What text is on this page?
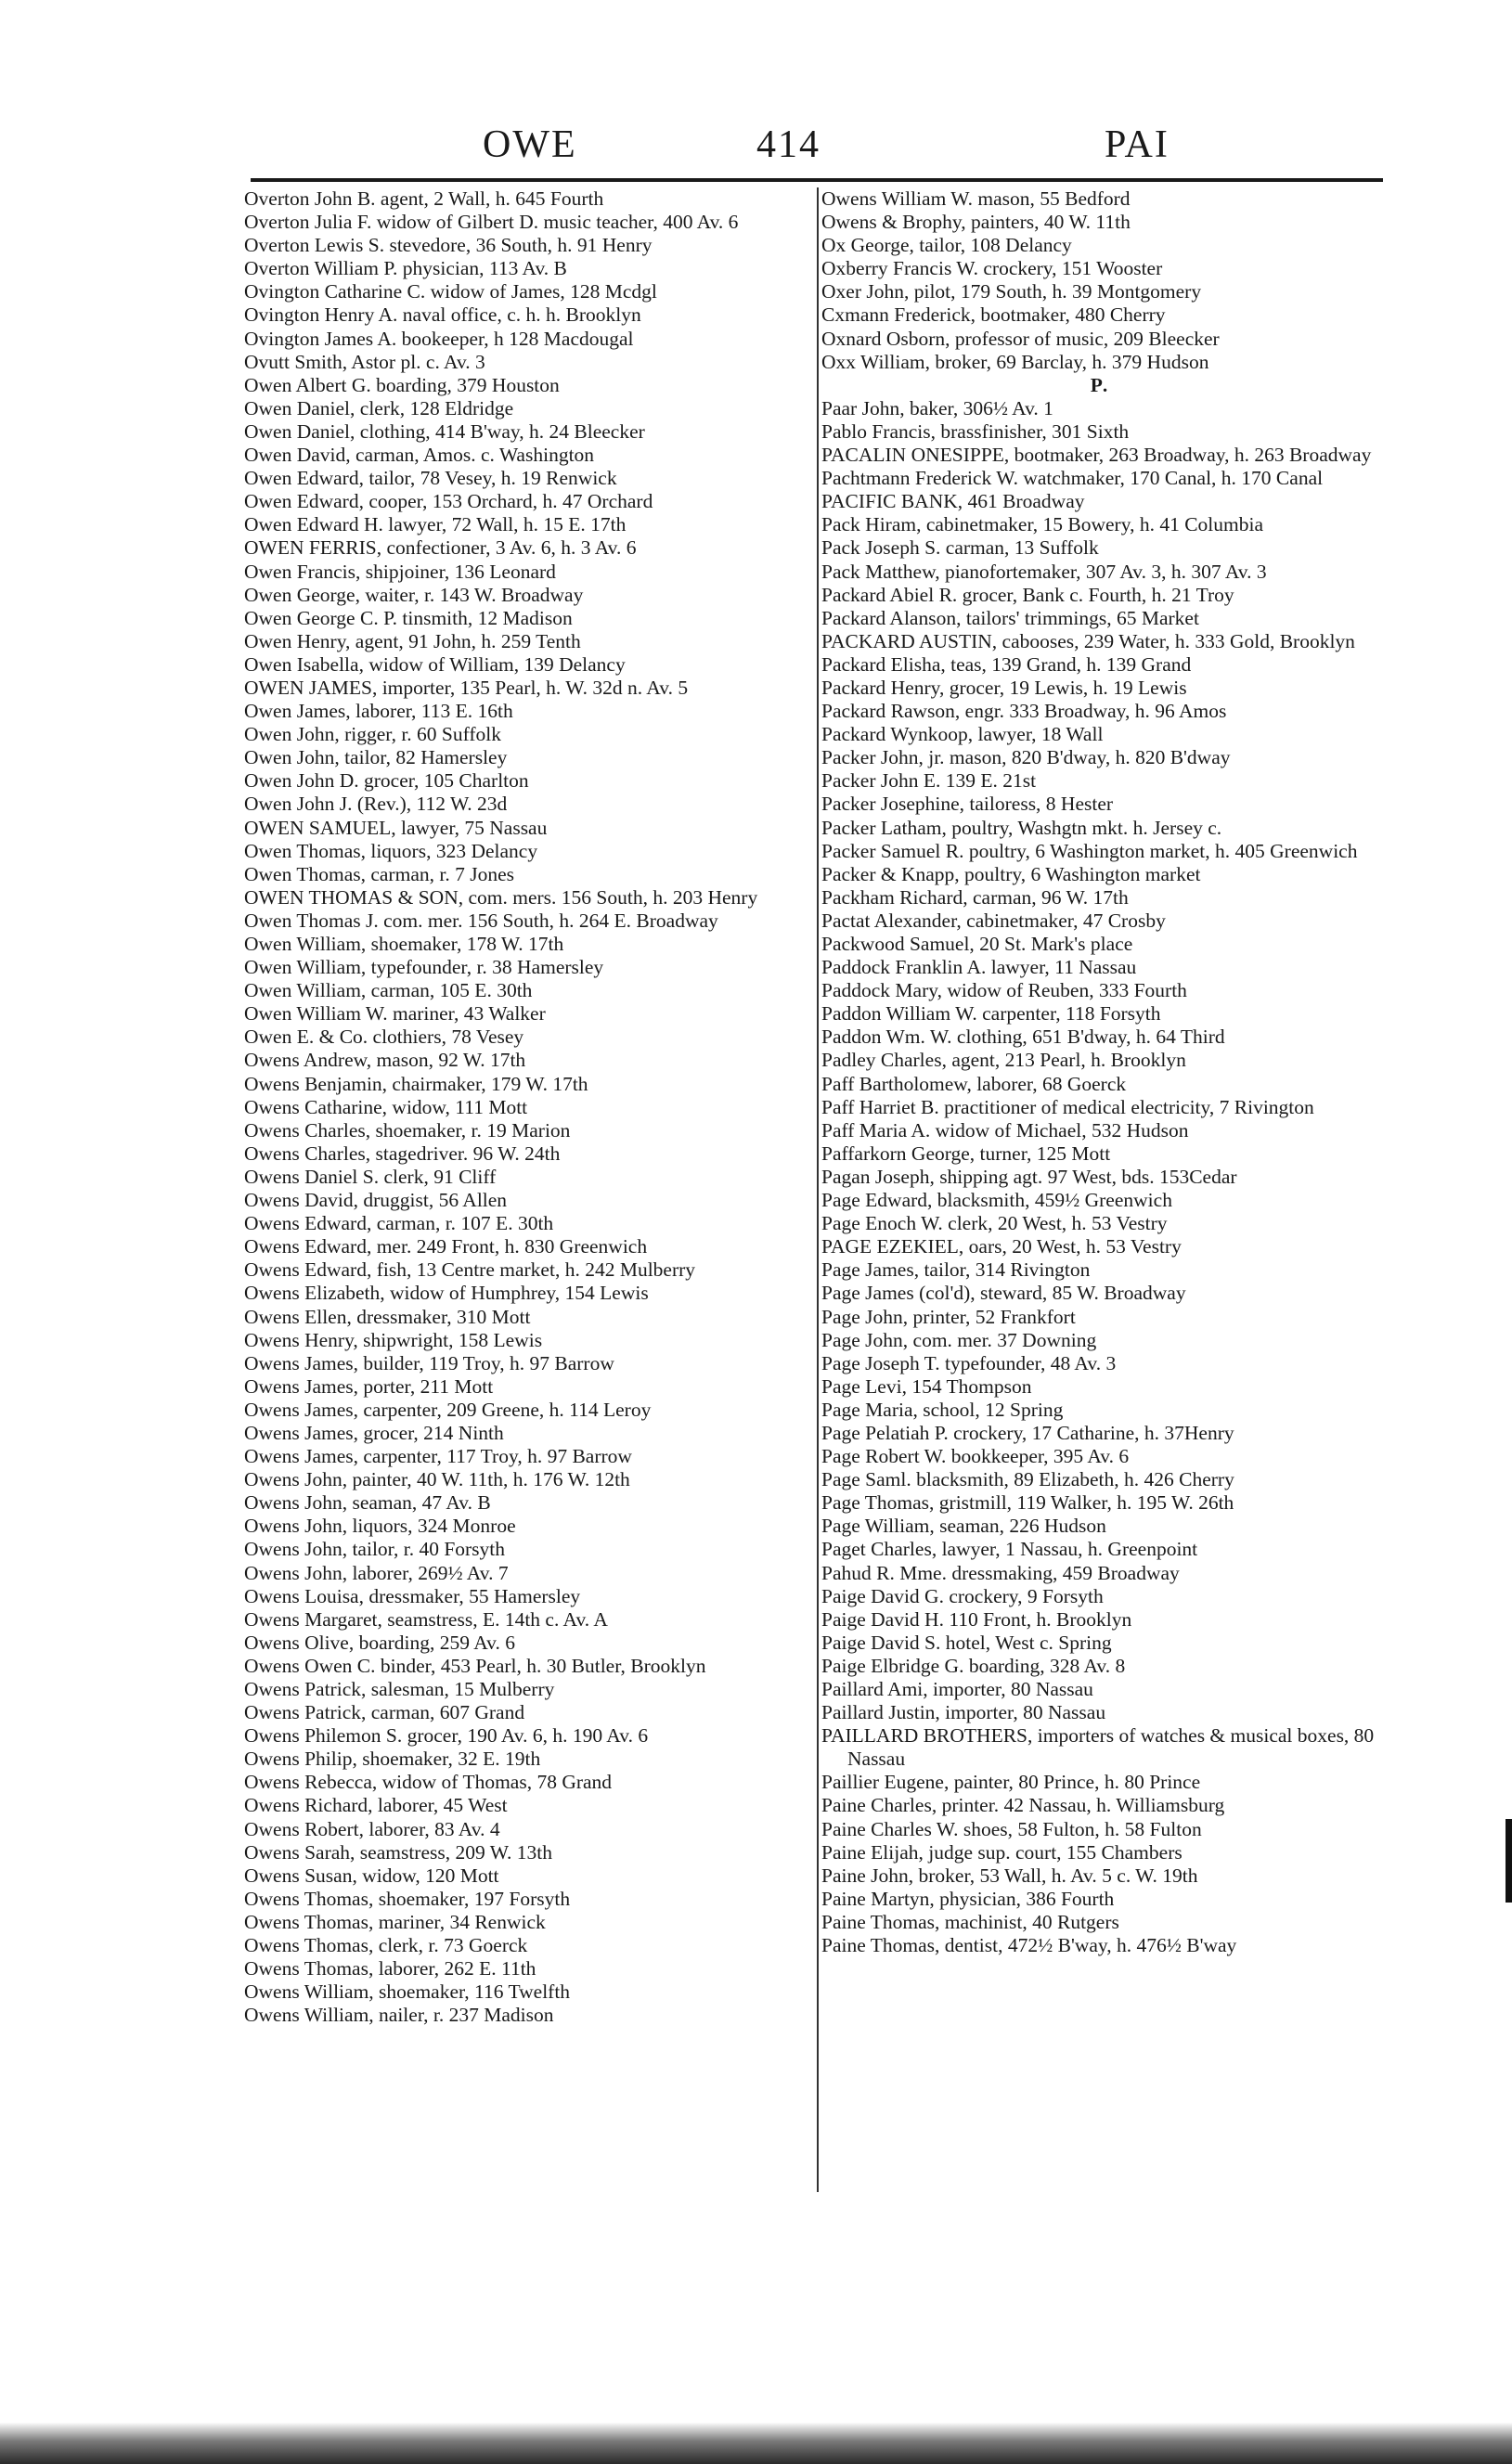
OWE	414	PAI
Overton John B. agent, 2 Wall, h. 645 Fourth
Overton Julia F. widow of Gilbert D. music teacher, 400 Av. 6
Overton Lewis S. stevedore, 36 South, h. 91 Henry
Overton William P. physician, 113 Av. B
Ovington Catharine C. widow of James, 128 Mcdgl
Ovington Henry A. naval office, c. h. h. Brooklyn
Ovington James A. bookeeper, h 128 Macdougal
Ovutt Smith, Astor pl. c. Av. 3
Owen Albert G. boarding, 379 Houston
Owen Daniel, clerk, 128 Eldridge
Owen Daniel, clothing, 414 B'way, h. 24 Bleecker
Owen David, carman, Amos. c. Washington
Owen Edward, tailor, 78 Vesey, h. 19 Renwick
Owen Edward, cooper, 153 Orchard, h. 47 Orchard
Owen Edward H. lawyer, 72 Wall, h. 15 E. 17th
OWEN FERRIS, confectioner, 3 Av. 6, h. 3 Av. 6
Owen Francis, shipjoiner, 136 Leonard
Owen George, waiter, r. 143 W. Broadway
Owen George C. P. tinsmith, 12 Madison
Owen Henry, agent, 91 John, h. 259 Tenth
Owen Isabella, widow of William, 139 Delancy
OWEN JAMES, importer, 135 Pearl, h. W. 32d n. Av. 5
Owen James, laborer, 113 E. 16th
Owen John, rigger, r. 60 Suffolk
Owen John, tailor, 82 Hamersley
Owen John D. grocer, 105 Charlton
Owen John J. (Rev.), 112 W. 23d
OWEN SAMUEL, lawyer, 75 Nassau
Owen Thomas, liquors, 323 Delancy
Owen Thomas, carman, r. 7 Jones
OWEN THOMAS & SON, com. mers. 156 South, h. 203 Henry
Owen Thomas J. com. mer. 156 South, h. 264 E. Broadway
Owen William, shoemaker, 178 W. 17th
Owen William, typefounder, r. 38 Hamersley
Owen William, carman, 105 E. 30th
Owen William W. mariner, 43 Walker
Owen E. & Co. clothiers, 78 Vesey
Owens Andrew, mason, 92 W. 17th
Owens Benjamin, chairmaker, 179 W. 17th
Owens Catharine, widow, 111 Mott
Owens Charles, shoemaker, r. 19 Marion
Owens Charles, stagedriver. 96 W. 24th
Owens Daniel S. clerk, 91 Cliff
Owens David, druggist, 56 Allen
Owens Edward, carman, r. 107 E. 30th
Owens Edward, mer. 249 Front, h. 830 Greenwich
Owens Edward, fish, 13 Centre market, h. 242 Mulberry
Owens Elizabeth, widow of Humphrey, 154 Lewis
Owens Ellen, dressmaker, 310 Mott
Owens Henry, shipwright, 158 Lewis
Owens James, builder, 119 Troy, h. 97 Barrow
Owens James, porter, 211 Mott
Owens James, carpenter, 209 Greene, h. 114 Leroy
Owens James, grocer, 214 Ninth
Owens James, carpenter, 117 Troy, h. 97 Barrow
Owens John, painter, 40 W. 11th, h. 176 W. 12th
Owens John, seaman, 47 Av. B
Owens John, liquors, 324 Monroe
Owens John, tailor, r. 40 Forsyth
Owens John, laborer, 269½ Av. 7
Owens Louisa, dressmaker, 55 Hamersley
Owens Margaret, seamstress, E. 14th c. Av. A
Owens Olive, boarding, 259 Av. 6
Owens Owen C. binder, 453 Pearl, h. 30 Butler, Brooklyn
Owens Patrick, salesman, 15 Mulberry
Owens Patrick, carman, 607 Grand
Owens Philemon S. grocer, 190 Av. 6, h. 190 Av. 6
Owens Philip, shoemaker, 32 E. 19th
Owens Rebecca, widow of Thomas, 78 Grand
Owens Richard, laborer, 45 West
Owens Robert, laborer, 83 Av. 4
Owens Sarah, seamstress, 209 W. 13th
Owens Susan, widow, 120 Mott
Owens Thomas, shoemaker, 197 Forsyth
Owens Thomas, mariner, 34 Renwick
Owens Thomas, clerk, r. 73 Goerck
Owens Thomas, laborer, 262 E. 11th
Owens William, shoemaker, 116 Twelfth
Owens William, nailer, r. 237 Madison
Owens William W. mason, 55 Bedford
Owens & Brophy, painters, 40 W. 11th
Ox George, tailor, 108 Delancy
Oxberry Francis W. crockery, 151 Wooster
Oxer John, pilot, 179 South, h. 39 Montgomery
Cxmann Frederick, bootmaker, 480 Cherry
Oxnard Osborn, professor of music, 209 Bleecker
Oxx William, broker, 69 Barclay, h. 379 Hudson
P.
Paar John, baker, 306½ Av. 1
Pablo Francis, brassfinisher, 301 Sixth
PACALIN ONESIPPE, bootmaker, 263 Broadway, h. 263 Broadway
Pachtmann Frederick W. watchmaker, 170 Canal, h. 170 Canal
PACIFIC BANK, 461 Broadway
Pack Hiram, cabinetmaker, 15 Bowery, h. 41 Columbia
Pack Joseph S. carman, 13 Suffolk
Pack Matthew, pianofortemaker, 307 Av. 3, h. 307 Av. 3
Packard Abiel R. grocer, Bank c. Fourth, h. 21 Troy
Packard Alanson, tailors' trimmings, 65 Market
PACKARD AUSTIN, cabooses, 239 Water, h. 333 Gold, Brooklyn
Packard Elisha, teas, 139 Grand, h. 139 Grand
Packard Henry, grocer, 19 Lewis, h. 19 Lewis
Packard Rawson, engr. 333 Broadway, h. 96 Amos
Packard Wynkoop, lawyer, 18 Wall
Packer John, jr. mason, 820 B'dway, h. 820 B'dway
Packer John E. 139 E. 21st
Packer Josephine, tailoress, 8 Hester
Packer Latham, poultry, Washgtn mkt. h. Jersey c.
Packer Samuel R. poultry, 6 Washington market, h. 405 Greenwich
Packer & Knapp, poultry, 6 Washington market
Packham Richard, carman, 96 W. 17th
Pactat Alexander, cabinetmaker, 47 Crosby
Packwood Samuel, 20 St. Mark's place
Paddock Franklin A. lawyer, 11 Nassau
Paddock Mary, widow of Reuben, 333 Fourth
Paddon William W. carpenter, 118 Forsyth
Paddon Wm. W. clothing, 651 B'dway, h. 64 Third
Padley Charles, agent, 213 Pearl, h. Brooklyn
Paff Bartholomew, laborer, 68 Goerck
Paff Harriet B. practitioner of medical electricity, 7 Rivington
Paff Maria A. widow of Michael, 532 Hudson
Paffarkorn George, turner, 125 Mott
Pagan Joseph, shipping agt. 97 West, bds. 153Cedar
Page Edward, blacksmith, 459½ Greenwich
Page Enoch W. clerk, 20 West, h. 53 Vestry
PAGE EZEKIEL, oars, 20 West, h. 53 Vestry
Page James, tailor, 314 Rivington
Page James (col'd), steward, 85 W. Broadway
Page John, printer, 52 Frankfort
Page John, com. mer. 37 Downing
Page Joseph T. typefounder, 48 Av. 3
Page Levi, 154 Thompson
Page Maria, school, 12 Spring
Page Pelatiah P. crockery, 17 Catharine, h. 37Henry
Page Robert W. bookkeeper, 395 Av. 6
Page Saml. blacksmith, 89 Elizabeth, h. 426 Cherry
Page Thomas, gristmill, 119 Walker, h. 195 W. 26th
Page William, seaman, 226 Hudson
Paget Charles, lawyer, 1 Nassau, h. Greenpoint
Pahud R. Mme. dressmaking, 459 Broadway
Paige David G. crockery, 9 Forsyth
Paige David H. 110 Front, h. Brooklyn
Paige David S. hotel, West c. Spring
Paige Elbridge G. boarding, 328 Av. 8
Paillard Ami, importer, 80 Nassau
Paillard Justin, importer, 80 Nassau
PAILLARD BROTHERS, importers of watches & musical boxes, 80 Nassau
Paillier Eugene, painter, 80 Prince, h. 80 Prince
Paine Charles, printer. 42 Nassau, h. Williamsburg
Paine Charles W. shoes, 58 Fulton, h. 58 Fulton
Paine Elijah, judge sup. court, 155 Chambers
Paine John, broker, 53 Wall, h. Av. 5 c. W. 19th
Paine Martyn, physician, 386 Fourth
Paine Thomas, machinist, 40 Rutgers
Paine Thomas, dentist, 472½ B'way, h. 476½ B'way
